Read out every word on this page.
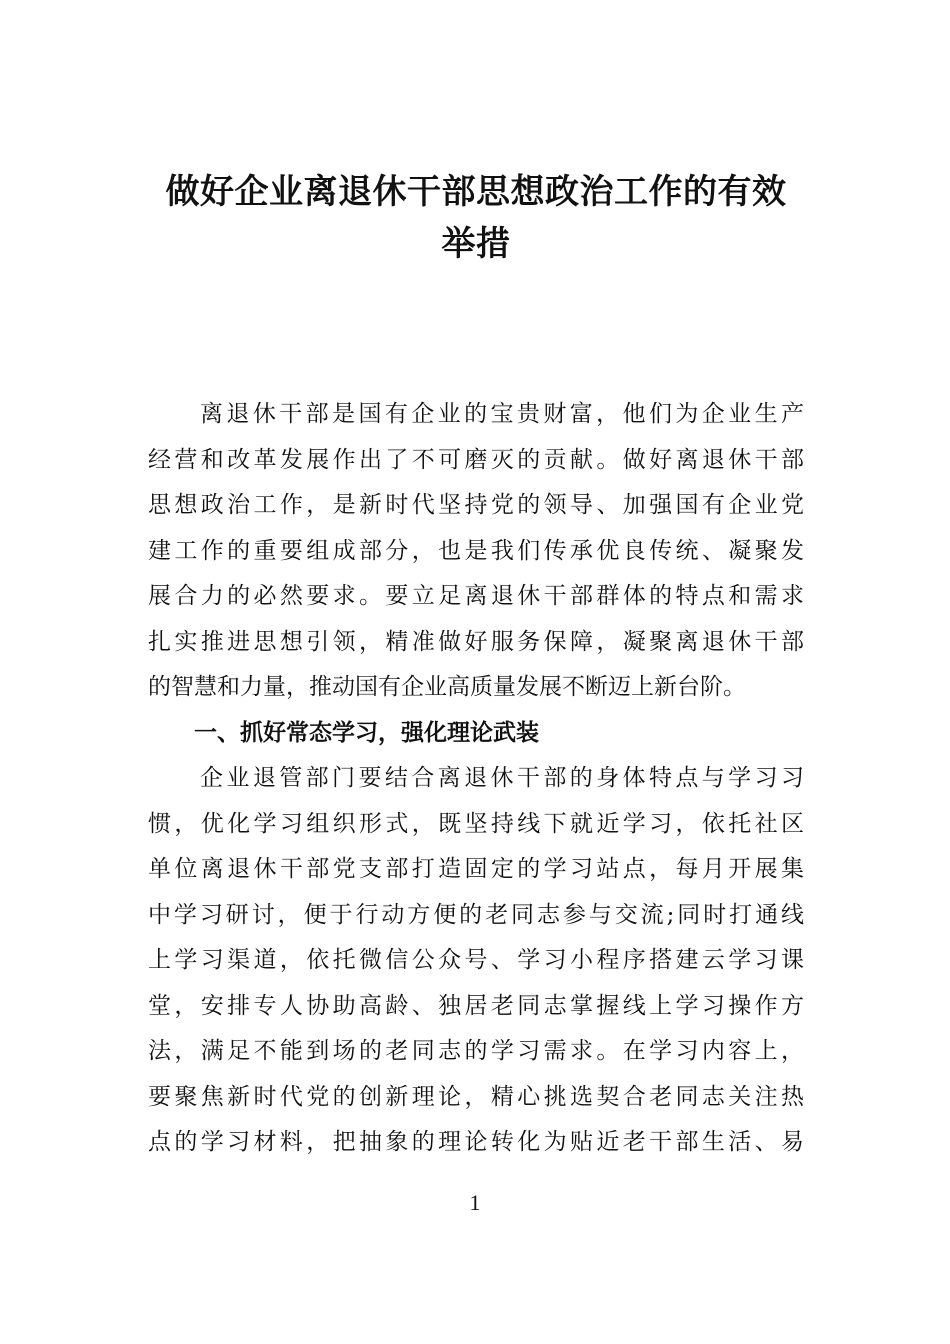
做好企业离退休干部思想政治工作的有效
举措
离退休干部是国有企业的宝贵财富，他们为企业生产
经营和改革发展作出了不可磨灭的贡献。做好离退休干部
思想政治工作，是新时代坚持党的领导、加强国有企业党
建工作的重要组成部分，也是我们传承优良传统、凝聚发
展合力的必然要求。要立足离退休干部群体的特点和需求
扎实推进思想引领，精准做好服务保障，凝聚离退休干部
的智慧和力量，推动国有企业高质量发展不断迈上新台阶。
一、抓好常态学习，强化理论武装
企业退管部门要结合离退休干部的身体特点与学习习
惯，优化学习组织形式，既坚持线下就近学习，依托社区
单位离退休干部党支部打造固定的学习站点，每月开展集
中学习研讨，便于行动方便的老同志参与交流;同时打通线
上学习渠道，依托微信公众号、学习小程序搭建云学习课
堂，安排专人协助高龄、独居老同志掌握线上学习操作方
法，满足不能到场的老同志的学习需求。在学习内容上，
要聚焦新时代党的创新理论，精心挑选契合老同志关注热
点的学习材料，把抽象的理论转化为贴近老干部生活、易
1
